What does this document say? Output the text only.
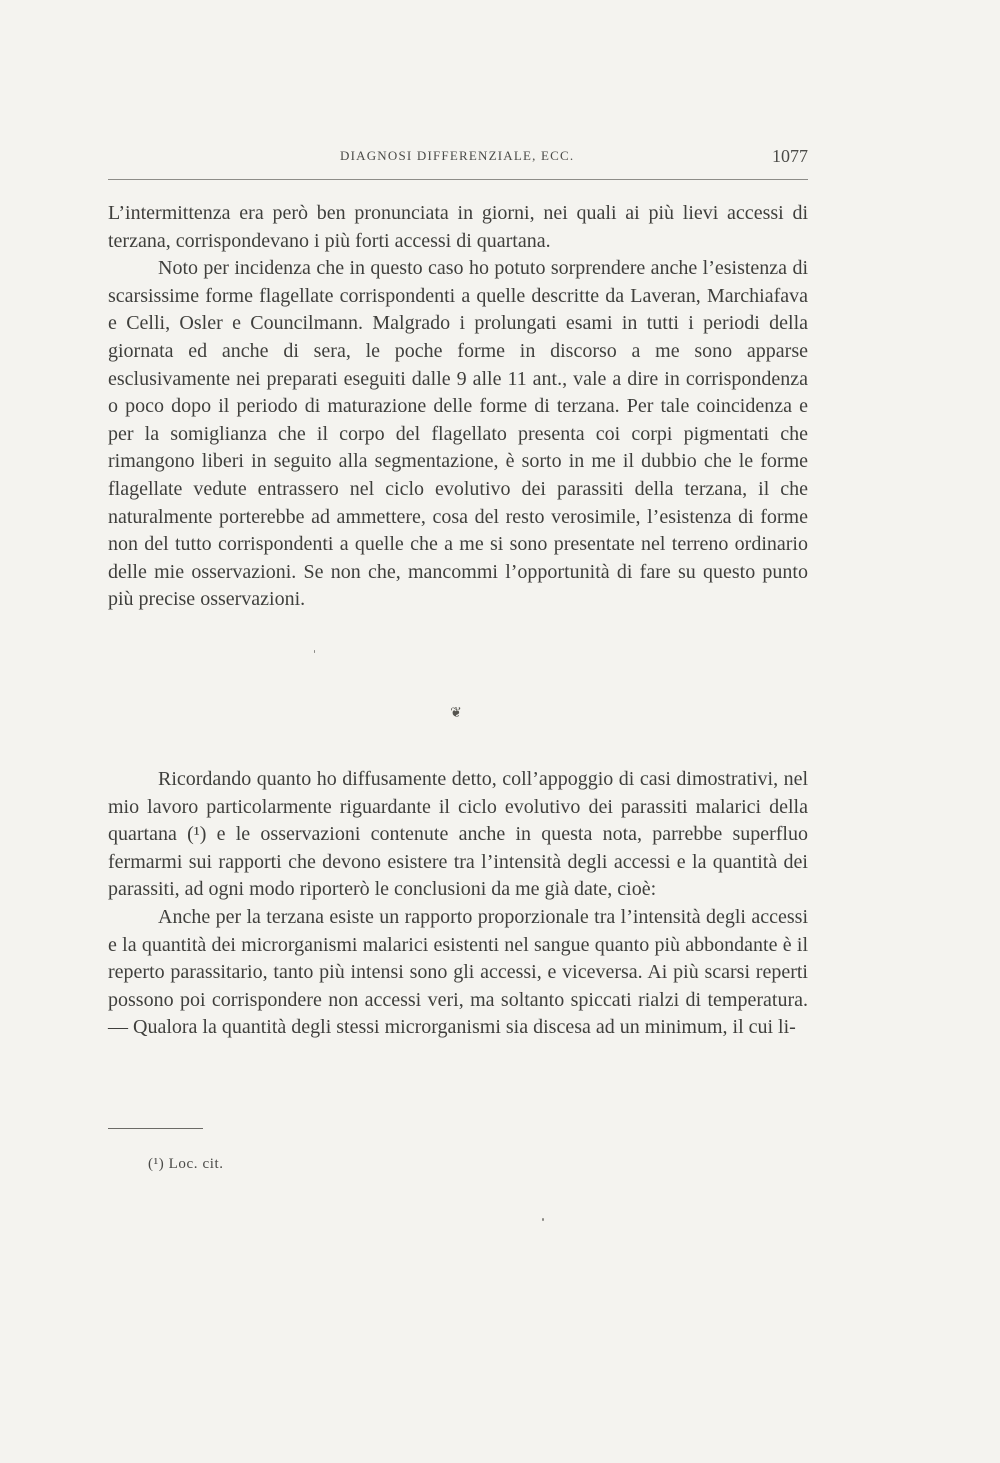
DIAGNOSI DIFFERENZIALE, ECC.	1077

L’intermittenza era però ben pronunciata in giorni, nei quali ai più lievi accessi di terzana, corrispondevano i più forti accessi di quartana.

Noto per incidenza che in questo caso ho potuto sorprendere anche l’esistenza di scarsissime forme flagellate corrispondenti a quelle descritte da Laveran, Marchiafava e Celli, Osler e Councilmann. Malgrado i prolungati esami in tutti i periodi della giornata ed anche di sera, le poche forme in discorso a me sono apparse esclusivamente nei preparati eseguiti dalle 9 alle 11 ant., vale a dire in corrispondenza o poco dopo il periodo di maturazione delle forme di terzana. Per tale coincidenza e per la somiglianza che il corpo del flagellato presenta coi corpi pigmentati che rimangono liberi in seguito alla segmentazione, è sorto in me il dubbio che le forme flagellate vedute entrassero nel ciclo evolutivo dei parassiti della terzana, il che naturalmente porterebbe ad ammettere, cosa del resto verosimile, l’esistenza di forme non del tutto corrispondenti a quelle che a me si sono presentate nel terreno ordinario delle mie osservazioni. Se non che, mancommi l’opportunità di fare su questo punto più precise osservazioni.

❦

Ricordando quanto ho diffusamente detto, coll’appoggio di casi dimostrativi, nel mio lavoro particolarmente riguardante il ciclo evolutivo dei parassiti malarici della quartana (¹) e le osservazioni contenute anche in questa nota, parrebbe superfluo fermarmi sui rapporti che devono esistere tra l’intensità degli accessi e la quantità dei parassiti, ad ogni modo riporterò le conclusioni da me già date, cioè:

Anche per la terzana esiste un rapporto proporzionale tra l’intensità degli accessi e la quantità dei microrganismi malarici esistenti nel sangue quanto più abbondante è il reperto parassitario, tanto più intensi sono gli accessi, e viceversa. Ai più scarsi reperti possono poi corrispondere non accessi veri, ma soltanto spiccati rialzi di temperatura. — Qualora la quantità degli stessi microrganismi sia discesa ad un minimum, il cui li-

(¹) Loc. cit.
